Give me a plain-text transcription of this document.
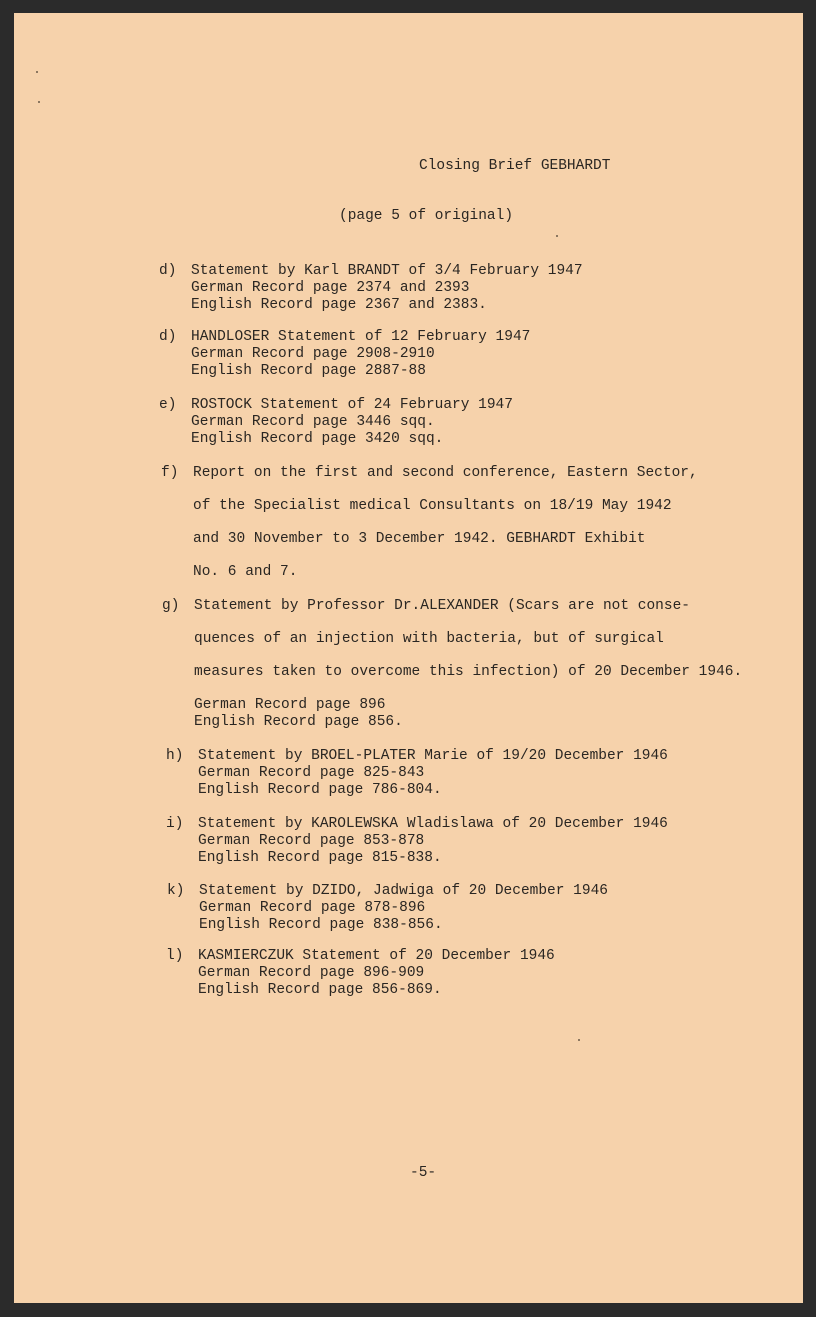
Closing Brief GEBHARDT
(page 5 of original)
d) Statement by Karl BRANDT of 3/4 February 1947
German Record page 2374 and 2393
English Record page 2367 and 2383.
d) HANDLOSER Statement of 12 February 1947
German Record page 2908-2910
English Record page 2887-88
e) ROSTOCK Statement of 24 February 1947
German Record page 3446 sqq.
English Record page 3420 sqq.
f) Report on the first and second conference, Eastern Sector,
of the Specialist medical Consultants on 18/19 May 1942
and 30 November to 3 December 1942. GEBHARDT Exhibit
No. 6 and 7.
g) Statement by Professor Dr.ALEXANDER (Scars are not conse-
quences of an injection with bacteria, but of surgical
measures taken to overcome this infection) of 20 December 1946.
German Record page 896
English Record page 856.
h) Statement by BROEL-PLATER Marie of 19/20 December 1946
German Record page 825-843
English Record page 786-804.
i) Statement by KAROLEWSKA Wladislawa of 20 December 1946
German Record page 853-878
English Record page 815-838.
k) Statement by DZIDO, Jadwiga of 20 December 1946
German Record page 878-896
English Record page 838-856.
l) KASMIERCZUK Statement of 20 December 1946
German Record page 896-909
English Record page 856-869.
-5-
